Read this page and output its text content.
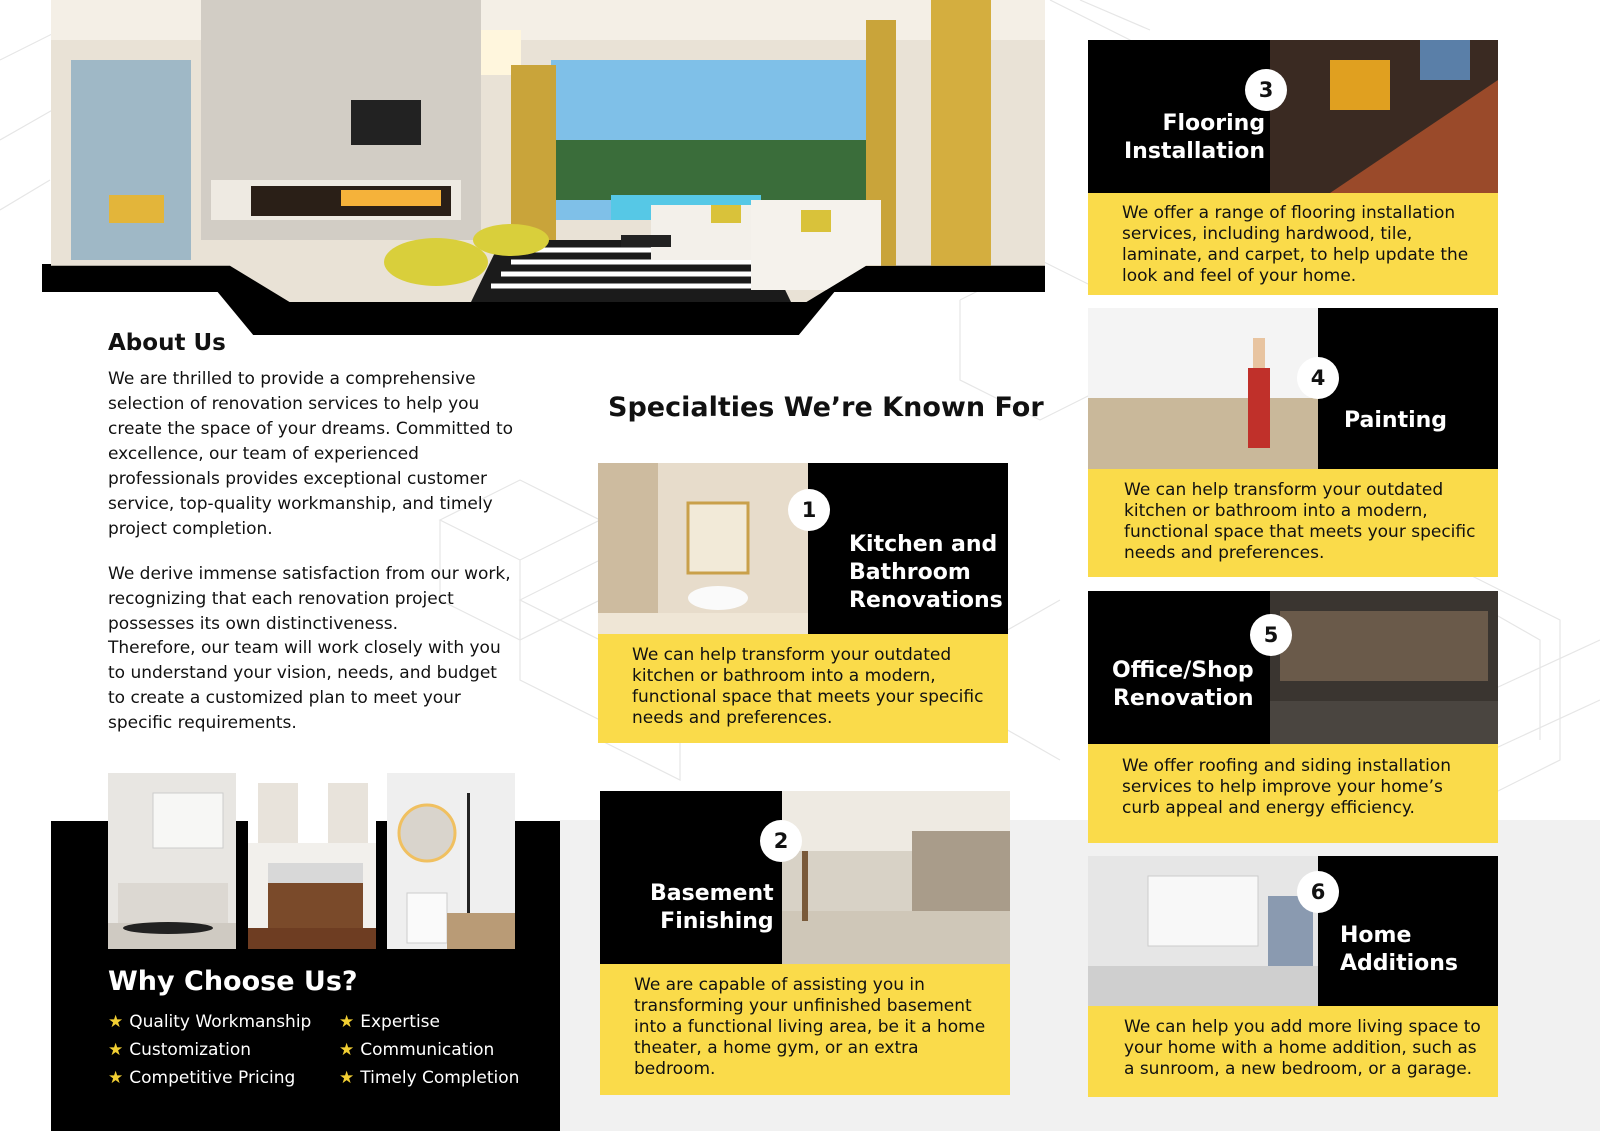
About Us

We are thrilled to provide a comprehensive selection of renovation services to help you create the space of your dreams. Committed to excellence, our team of experienced professionals provides exceptional customer service, top-quality workmanship, and timely project completion.

We derive immense satisfaction from our work, recognizing that each renovation project possesses its own distinctiveness.

Therefore, our team will work closely with you to understand your vision, needs, and budget to create a customized plan to meet your specific requirements.

Why Choose Us?
★ Quality Workmanship
★ Customization
★ Competitive Pricing
★ Expertise
★ Communication
★ Timely Completion
Specialties We’re Known For
1
Kitchen and
Bathroom
Renovations
We can help transform your outdated kitchen or bathroom into a modern, functional space that meets your specific needs and preferences.
2
Basement
Finishing
We are capable of assisting you in transforming your unfinished basement into a functional living area, be it a home theater, a home gym, or an extra bedroom.
3
Flooring
Installation
We offer a range of flooring installation services, including hardwood, tile, laminate, and carpet, to help update the look and feel of your home.
4
Painting
We can help transform your outdated kitchen or bathroom into a modern, functional space that meets your specific needs and preferences.
5
Office/Shop
Renovation
We offer roofing and siding installation services to help improve your home’s curb appeal and energy efficiency.
6
Home
Additions
We can help you add more living space to your home with a home addition, such as a sunroom, a new bedroom, or a garage.
